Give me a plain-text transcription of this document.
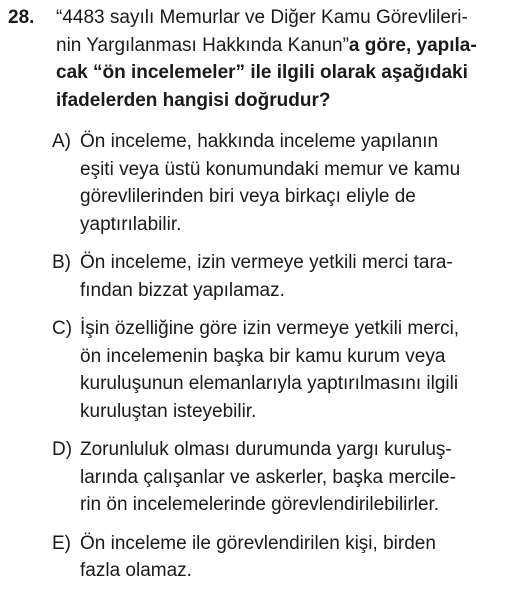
28.	“4483 sayılı Memurlar ve Diğer Kamu Görevlileri-
nin Yargılanması Hakkında Kanun”a göre, yapıla-
cak “ön incelemeler” ile ilgili olarak aşağıdaki
ifadelerden hangisi doğrudur?
A) Ön inceleme, hakkında inceleme yapılanın
eşiti veya üstü konumundaki memur ve kamu
görevlilerinden biri veya birkaçı eliyle de
yaptırılabilir.
B) Ön inceleme, izin vermeye yetkili merci tara-
fından bizzat yapılamaz.
C) İşin özelliğine göre izin vermeye yetkili merci,
ön incelemenin başka bir kamu kurum veya
kuruluşunun elemanlarıyla yaptırılmasını ilgili
kuruluştan isteyebilir.
D) Zorunluluk olması durumunda yargı kuruluş-
larında çalışanlar ve askerler, başka mercile-
rin ön incelemelerinde görevlendirilebilirler.
E) Ön inceleme ile görevlendirilen kişi, birden
fazla olamaz.
